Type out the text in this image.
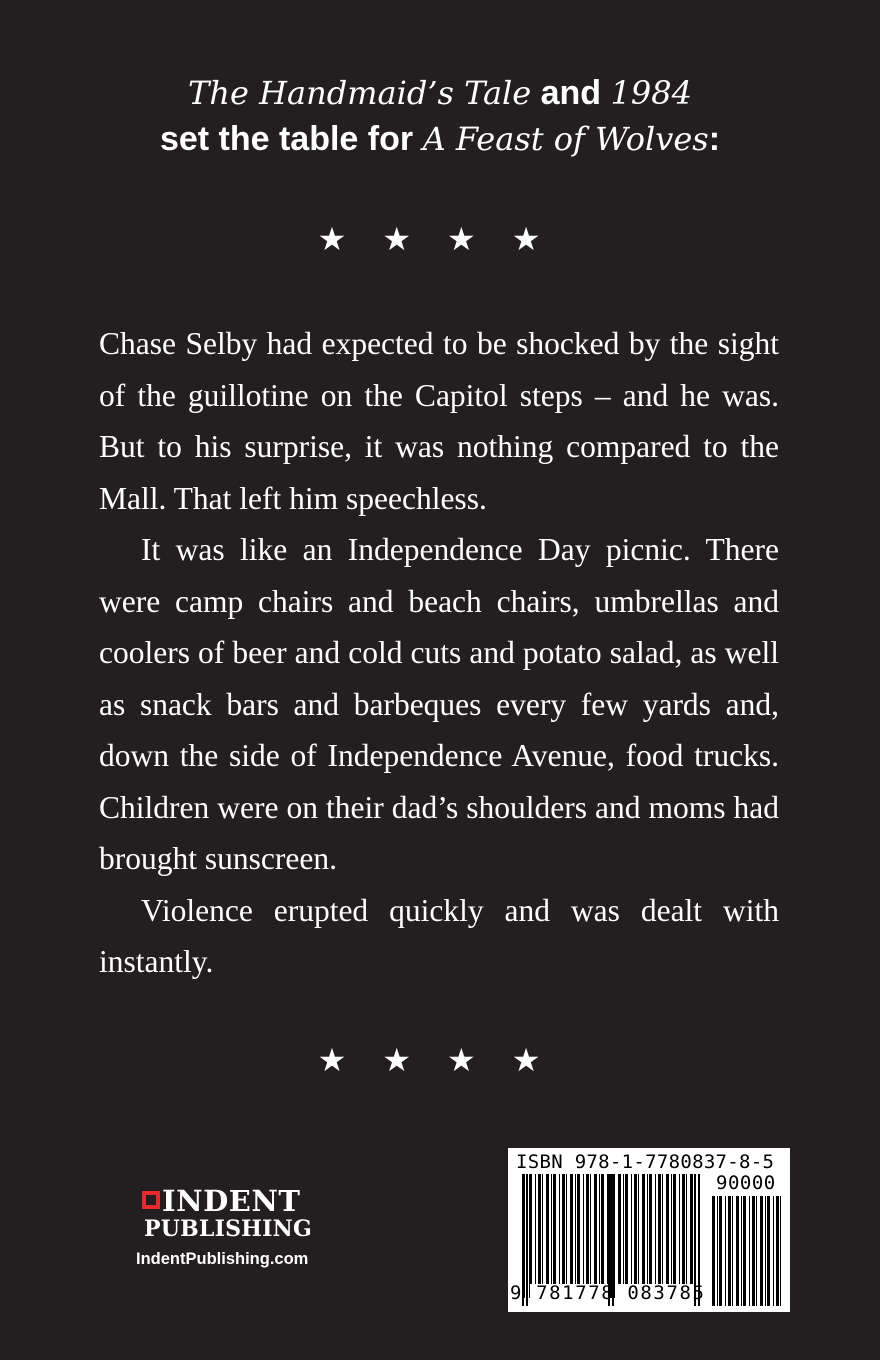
The Handmaid’s Tale and 1984
set the table for A Feast of Wolves:
★ ★ ★ ★

Chase Selby had expected to be shocked by the sight of the guillotine on the Capitol steps – and he was. But to his surprise, it was nothing compared to the Mall. That left him speechless.

It was like an Independence Day picnic. There were camp chairs and beach chairs, umbrellas and coolers of beer and cold cuts and potato salad, as well as snack bars and barbeques every few yards and, down the side of Independence Avenue, food trucks. Children were on their dad’s shoulders and moms had brought sunscreen.

Violence erupted quickly and was dealt with instantly.

★ ★ ★ ★
INDENT
PUBLISHING
IndentPublishing.com
ISBN 978-1-7780837-8-5
90000
9 781778 083785
